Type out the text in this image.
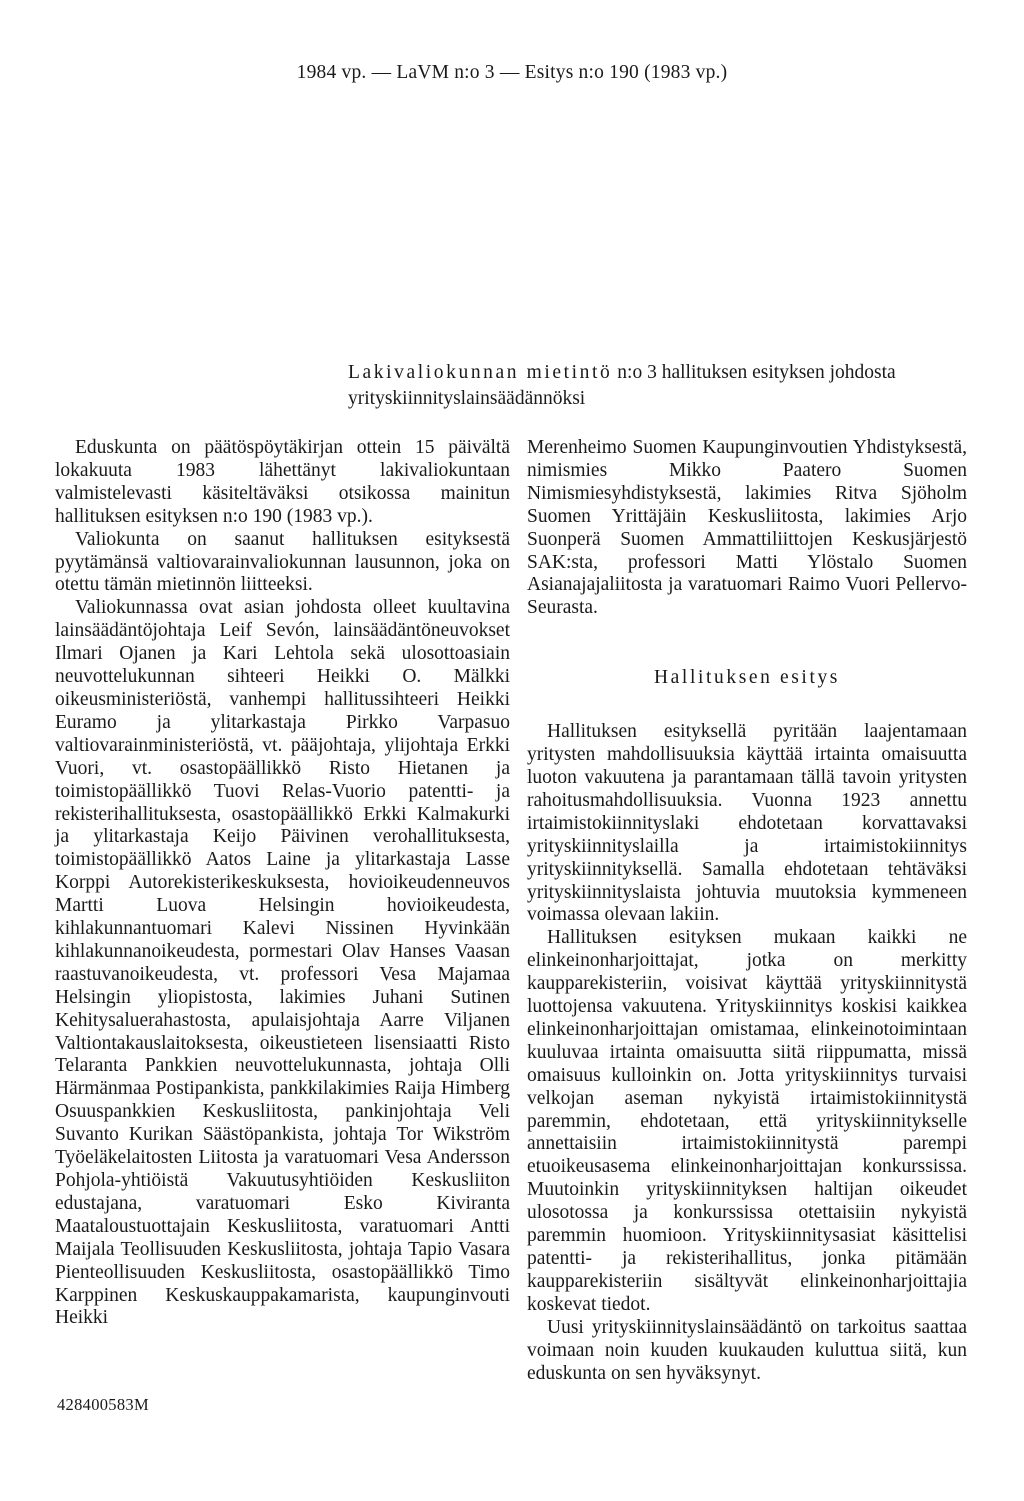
1984 vp. — LaVM n:o 3 — Esitys n:o 190 (1983 vp.)
Lakivaliokunnan mietintö n:o 3 hallituksen esityksen johdosta yrityskiinnityslainsäädännöksi

Eduskunta on päätöspöytäkirjan ottein 15 päivältä lokakuuta 1983 lähettänyt lakivaliokuntaan valmistelevasti käsiteltäväksi otsikossa mainitun hallituksen esityksen n:o 190 (1983 vp.).

Valiokunta on saanut hallituksen esityksestä pyytämänsä valtiovarainvaliokunnan lausunnon, joka on otettu tämän mietinnön liitteeksi.

Valiokunnassa ovat asian johdosta olleet kuultavina lainsäädäntöjohtaja Leif Sevón, lainsäädäntöneuvokset Ilmari Ojanen ja Kari Lehtola sekä ulosottoasiain neuvottelukunnan sihteeri Heikki O. Mälkki oikeusministeriöstä, vanhempi hallitussihteeri Heikki Euramo ja ylitarkastaja Pirkko Varpasuo valtiovarainministeriöstä, vt. pääjohtaja, ylijohtaja Erkki Vuori, vt. osastopäällikkö Risto Hietanen ja toimistopäällikkö Tuovi Relas-Vuorio patentti- ja rekisterihallituksesta, osastopäällikkö Erkki Kalmakurki ja ylitarkastaja Keijo Päivinen verohallituksesta, toimistopäällikkö Aatos Laine ja ylitarkastaja Lasse Korppi Autorekisterikeskuksesta, hovioikeudenneuvos Martti Luova Helsingin hovioikeudesta, kihlakunnantuomari Kalevi Nissinen Hyvinkään kihlakunnanoikeudesta, pormestari Olav Hanses Vaasan raastuvanoikeudesta, vt. professori Vesa Majamaa Helsingin yliopistosta, lakimies Juhani Sutinen Kehitysaluerahastosta, apulaisjohtaja Aarre Viljanen Valtiontakauslaitoksesta, oikeustieteen lisensiaatti Risto Telaranta Pankkien neuvottelukunnasta, johtaja Olli Härmänmaa Postipankista, pankkilakimies Raija Himberg Osuuspankkien Keskusliitosta, pankinjohtaja Veli Suvanto Kurikan Säästöpankista, johtaja Tor Wikström Työeläkelaitosten Liitosta ja varatuomari Vesa Andersson Pohjola-yhtiöistä Vakuutusyhtiöiden Keskusliiton edustajana, varatuomari Esko Kiviranta Maataloustuottajain Keskusliitosta, varatuomari Antti Maijala Teollisuuden Keskusliitosta, johtaja Tapio Vasara Pienteollisuuden Keskusliitosta, osastopäällikkö Timo Karppinen Keskuskauppakamarista, kaupunginvouti Heikki

Merenheimo Suomen Kaupunginvoutien Yhdistyksestä, nimismies Mikko Paatero Suomen Nimismiesyhdistyksestä, lakimies Ritva Sjöholm Suomen Yrittäjäin Keskusliitosta, lakimies Arjo Suonperä Suomen Ammattiliittojen Keskusjärjestö SAK:sta, professori Matti Ylöstalo Suomen Asianajajaliitosta ja varatuomari Raimo Vuori Pellervo-Seurasta.

Hallituksen esitys

Hallituksen esityksellä pyritään laajentamaan yritysten mahdollisuuksia käyttää irtainta omaisuutta luoton vakuutena ja parantamaan tällä tavoin yritysten rahoitusmahdollisuuksia. Vuonna 1923 annettu irtaimistokiinnityslaki ehdotetaan korvattavaksi yrityskiinnityslailla ja irtaimistokiinnitys yrityskiinnityksellä. Samalla ehdotetaan tehtäväksi yrityskiinnityslaista johtuvia muutoksia kymmeneen voimassa olevaan lakiin.

Hallituksen esityksen mukaan kaikki ne elinkeinonharjoittajat, jotka on merkitty kaupparekisteriin, voisivat käyttää yrityskiinnitystä luottojensa vakuutena. Yrityskiinnitys koskisi kaikkea elinkeinonharjoittajan omistamaa, elinkeinotoimintaan kuuluvaa irtainta omaisuutta siitä riippumatta, missä omaisuus kulloinkin on. Jotta yrityskiinnitys turvaisi velkojan aseman nykyistä irtaimistokiinnitystä paremmin, ehdotetaan, että yrityskiinnitykselle annettaisiin irtaimistokiinnitystä parempi etuoikeusasema elinkeinonharjoittajan konkurssissa. Muutoinkin yrityskiinnityksen haltijan oikeudet ulosotossa ja konkurssissa otettaisiin nykyistä paremmin huomioon. Yrityskiinnitysasiat käsittelisi patentti- ja rekisterihallitus, jonka pitämään kaupparekisteriin sisältyvät elinkeinonharjoittajia koskevat tiedot.

Uusi yrityskiinnityslainsäädäntö on tarkoitus saattaa voimaan noin kuuden kuukauden kuluttua siitä, kun eduskunta on sen hyväksynyt.

428400583M
